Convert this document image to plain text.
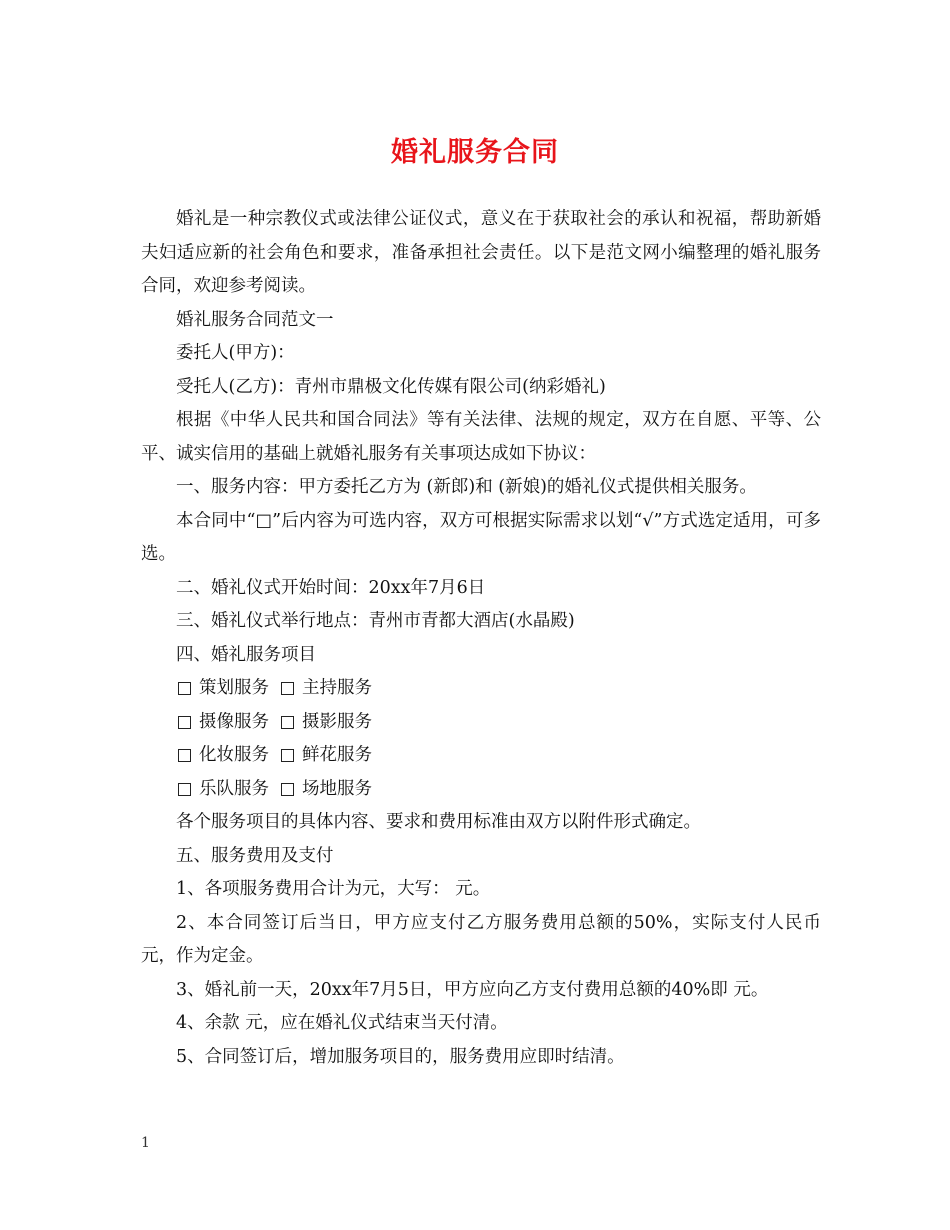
婚礼服务合同

婚礼是一种宗教仪式或法律公证仪式，意义在于获取社会的承认和祝福，帮助新婚夫妇适应新的社会角色和要求，准备承担社会责任。以下是范文网小编整理的婚礼服务合同，欢迎参考阅读。

婚礼服务合同范文一

委托人(甲方)：

受托人(乙方)：青州市鼎极文化传媒有限公司(纳彩婚礼)

根据《中华人民共和国合同法》等有关法律、法规的规定，双方在自愿、平等、公平、诚实信用的基础上就婚礼服务有关事项达成如下协议：

一、服务内容：甲方委托乙方为 (新郎)和 (新娘)的婚礼仪式提供相关服务。

本合同中“□”后内容为可选内容，双方可根据实际需求以划“√”方式选定适用，可多选。

二、婚礼仪式开始时间：20xx年7月6日

三、婚礼仪式举行地点：青州市青都大酒店(水晶殿)

四、婚礼服务项目

策划服务 主持服务
摄像服务 摄影服务
化妆服务 鲜花服务
乐队服务 场地服务

各个服务项目的具体内容、要求和费用标准由双方以附件形式确定。

五、服务费用及支付

1、各项服务费用合计为元，大写： 元。

2、本合同签订后当日，甲方应支付乙方服务费用总额的50%，实际支付人民币 元，作为定金。

3、婚礼前一天，20xx年7月5日，甲方应向乙方支付费用总额的40%即 元。

4、余款 元，应在婚礼仪式结束当天付清。

5、合同签订后，增加服务项目的，服务费用应即时结清。

1
